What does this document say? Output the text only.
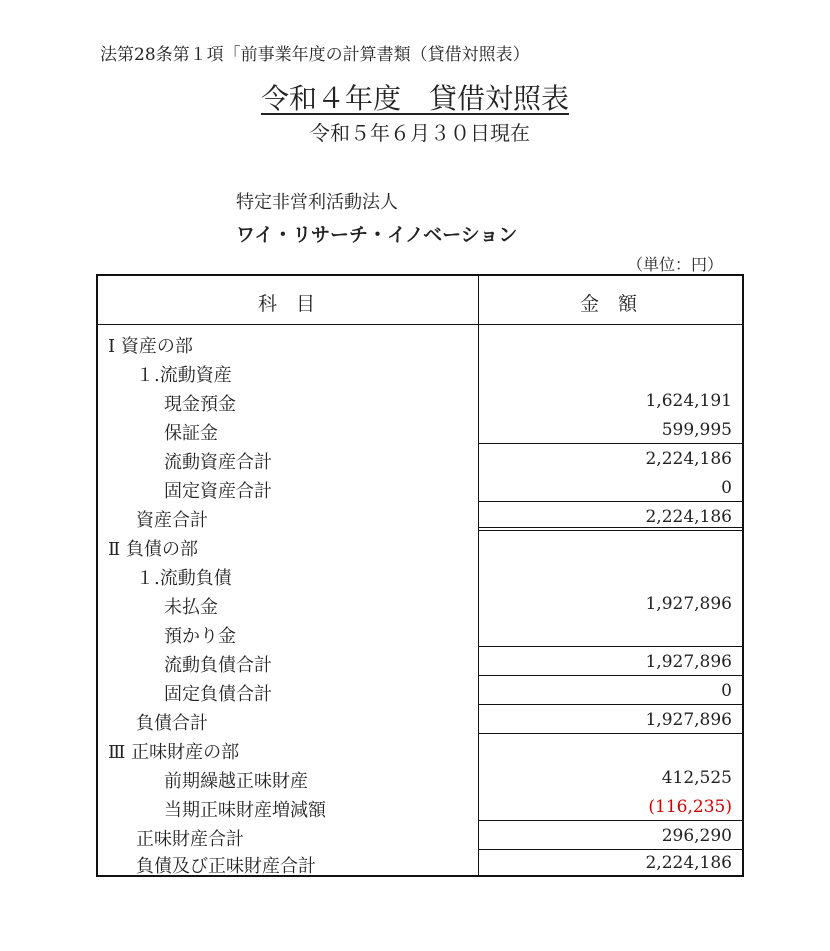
法第28条第１項「前事業年度の計算書類（貸借対照表）
令和４年度　貸借対照表
令和５年６月３０日現在
特定非営利活動法人
ワイ・リサーチ・イノベーション
（単位：円）
科　目	金　額
Ⅰ 資産の部
１.流動資産
現金預金	1,624,191
保証金	599,995
流動資産合計	2,224,186
固定資産合計	0
資産合計	2,224,186
Ⅱ 負債の部
１.流動負債
未払金	1,927,896
預かり金
流動負債合計	1,927,896
固定負債合計	0
負債合計	1,927,896
Ⅲ 正味財産の部
前期繰越正味財産	412,525
当期正味財産増減額	(116,235)
正味財産合計	296,290
負債及び正味財産合計	2,224,186
